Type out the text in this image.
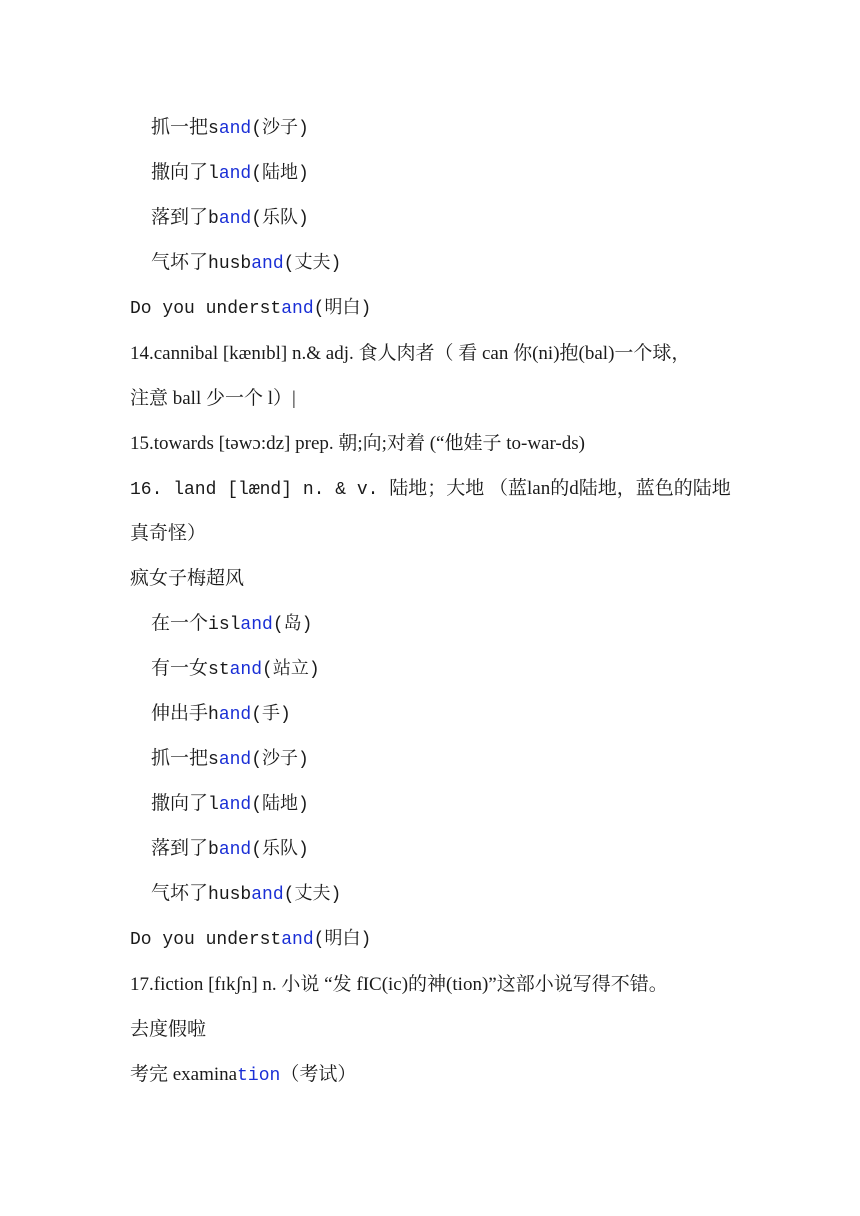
抓一把sand(沙子)
撒向了land(陆地)
落到了band(乐队)
气坏了husband(丈夫)
Do you understand(明白)
14.cannibal [kænɪbl] n.& adj. 食人肉者（ 看 can 你(ni)抱(bal)一个球，
注意 ball 少一个 l）|
15.towards [təwɔ:dz] prep. 朝;向;对着 (“他娃子 to-war-ds)
16. land [lænd] n. & v. 陆地；大地 （蓝lan的d陆地，蓝色的陆地
真奇怪）
疯女子梅超风
在一个island(岛)
有一女stand(站立)
伸出手hand(手)
抓一把sand(沙子)
撒向了land(陆地)
落到了band(乐队)
气坏了husband(丈夫)
Do you understand(明白)
17.fiction [fɪkʃn] n. 小说 “发 fIC(ic)的神(tion)”这部小说写得不错。
去度假啦
考完 examination（考试）
